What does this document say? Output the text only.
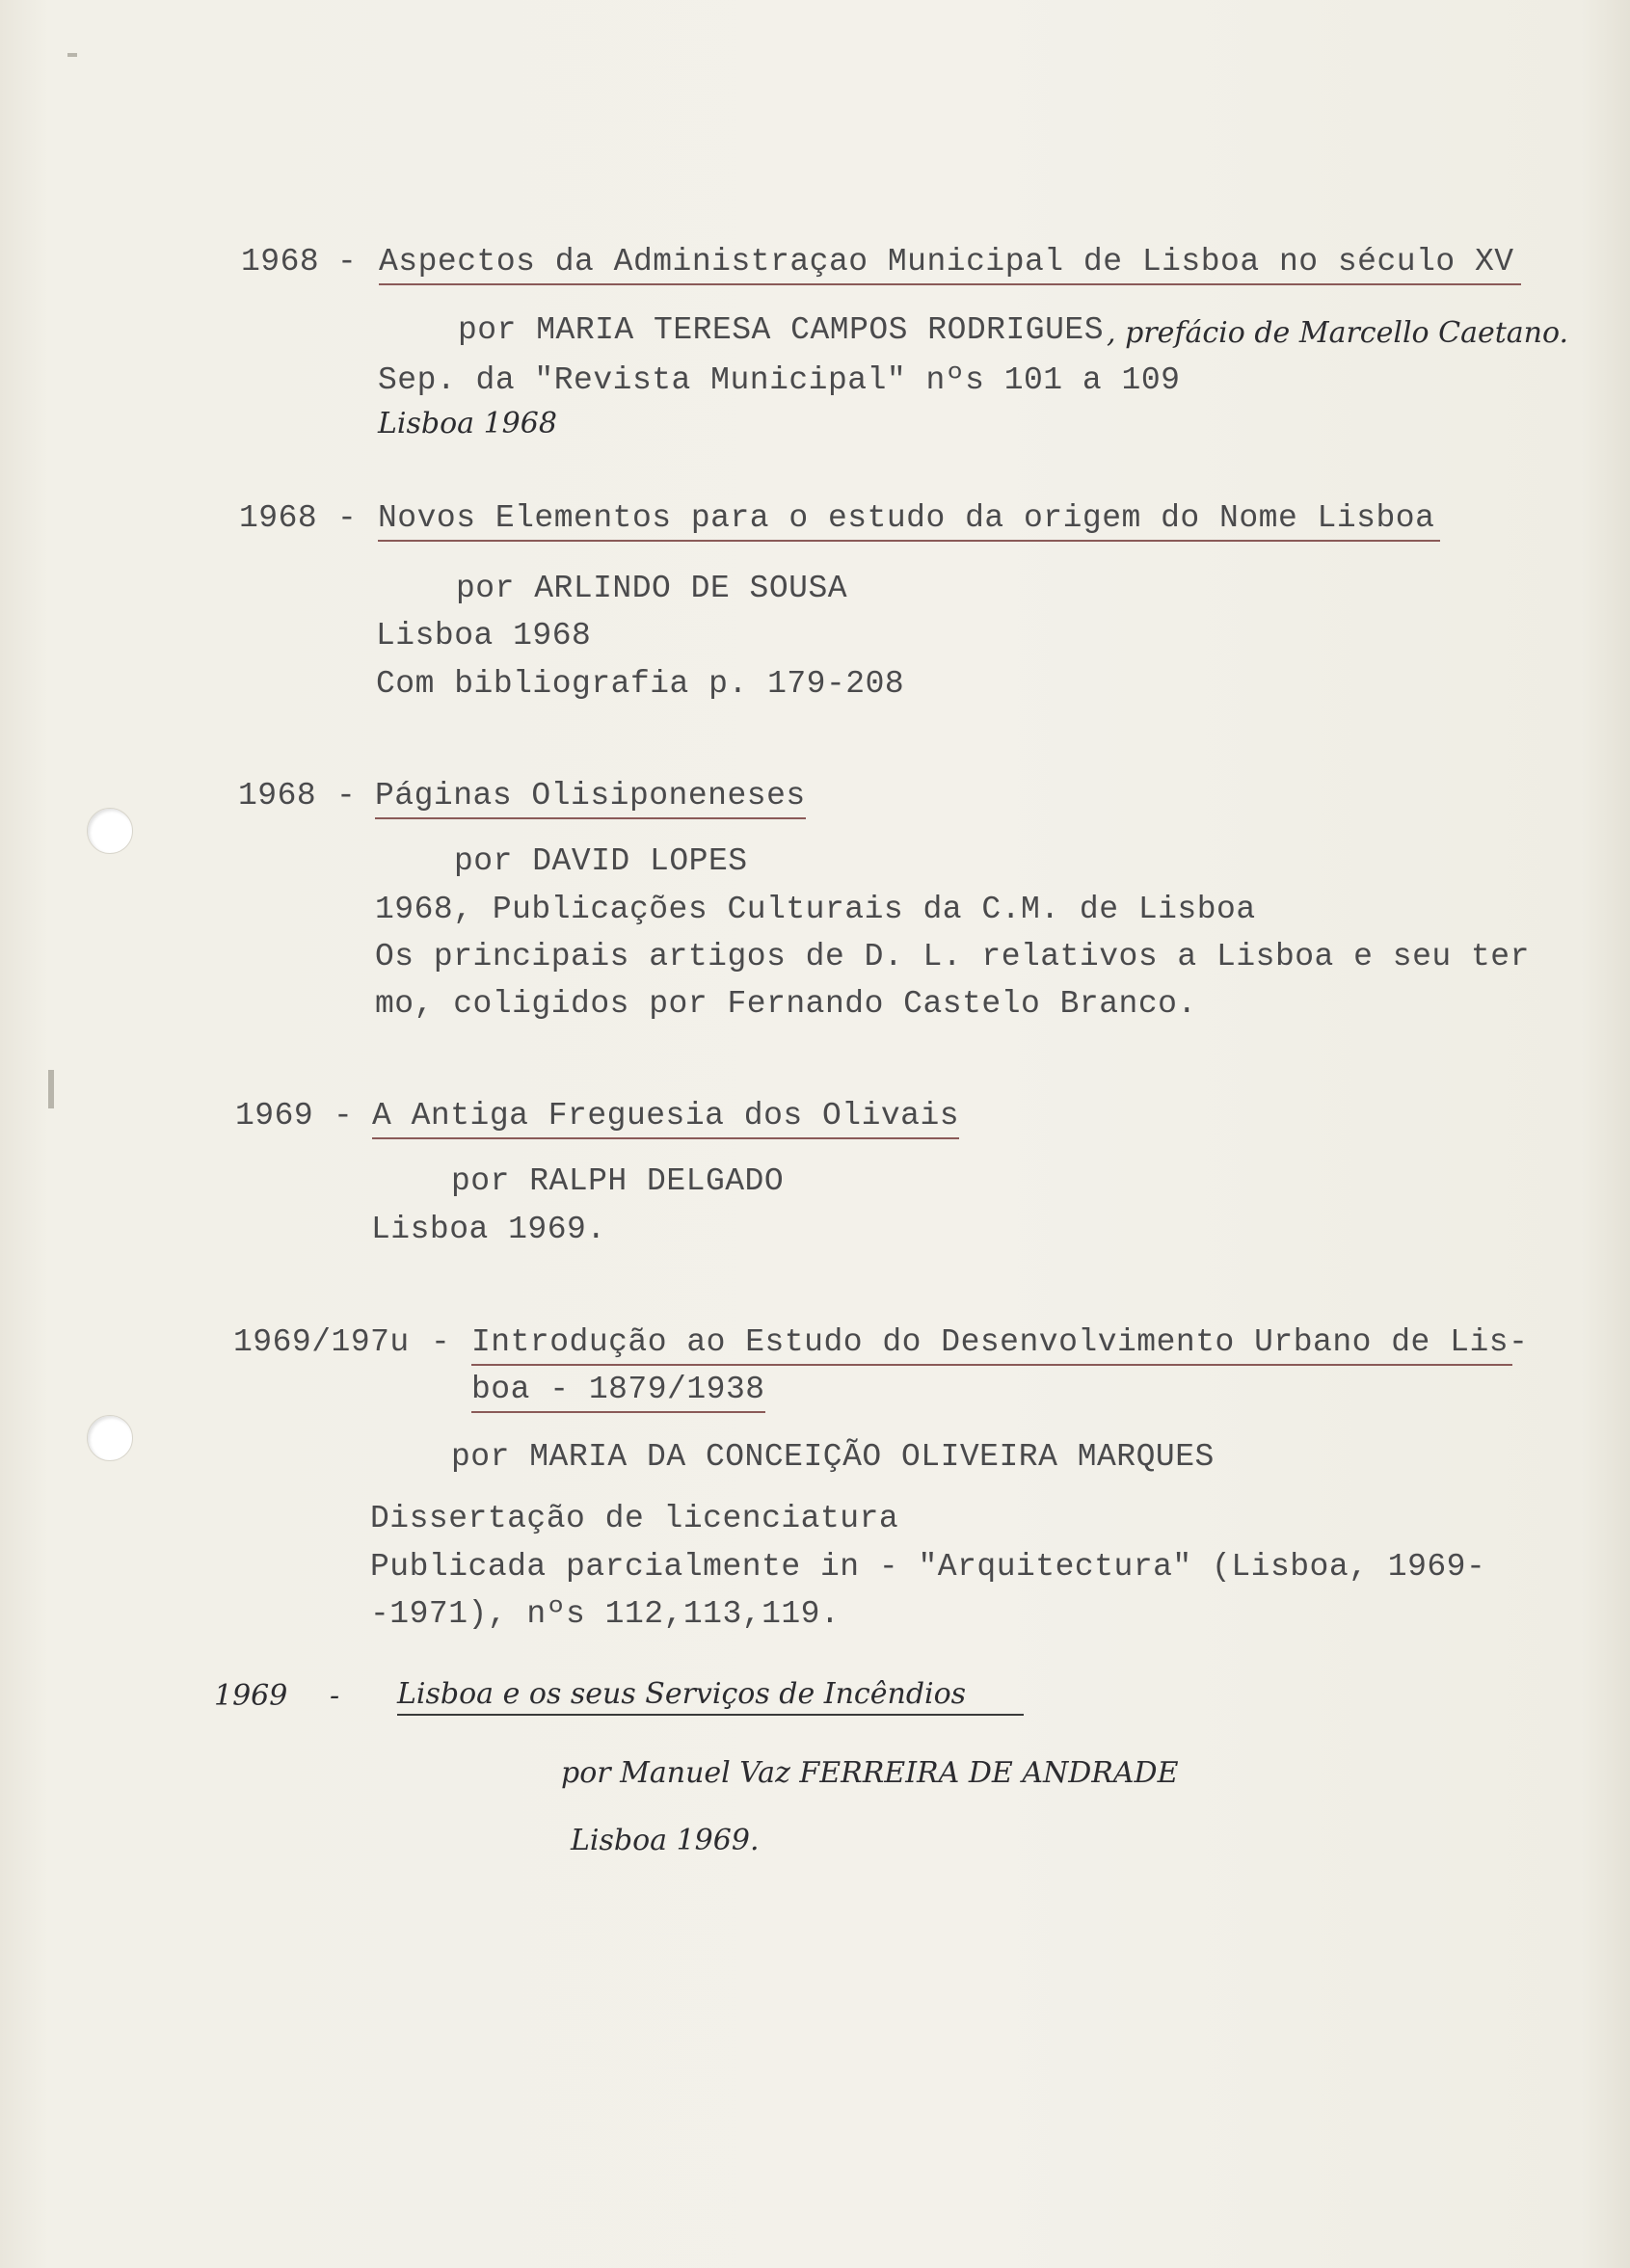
1968 - Aspectos da Administraçao Municipal de Lisboa no século XV
por MARIA TERESA CAMPOS RODRIGUES , prefácio de Marcello Caetano.
Sep. da "Revista Municipal" nºs 101 a 109
Lisboa 1968
1968 - Novos Elementos para o estudo da origem do Nome Lisboa
por ARLINDO DE SOUSA
Lisboa 1968
Com bibliografia p. 179-208
1968 - Páginas Olisiponeneses
por DAVID LOPES
1968, Publicações Culturais da C.M. de Lisboa
Os principais artigos de D. L. relativos a Lisboa e seu ter
mo, coligidos por Fernando Castelo Branco.
1969 - A Antiga Freguesia dos Olivais
por RALPH DELGADO
Lisboa 1969.
1969/197u - Introdução ao Estudo do Desenvolvimento Urbano de Lis-
boa - 1879/1938
por MARIA DA CONCEIÇÃO OLIVEIRA MARQUES
Dissertação de licenciatura
Publicada parcialmente in - "Arquitectura" (Lisboa, 1969-
-1971), nºs 112,113,119.
1969 - Lisboa e os seus Serviços de Incêndios
por Manuel Vaz FERREIRA DE ANDRADE
Lisboa 1969.
